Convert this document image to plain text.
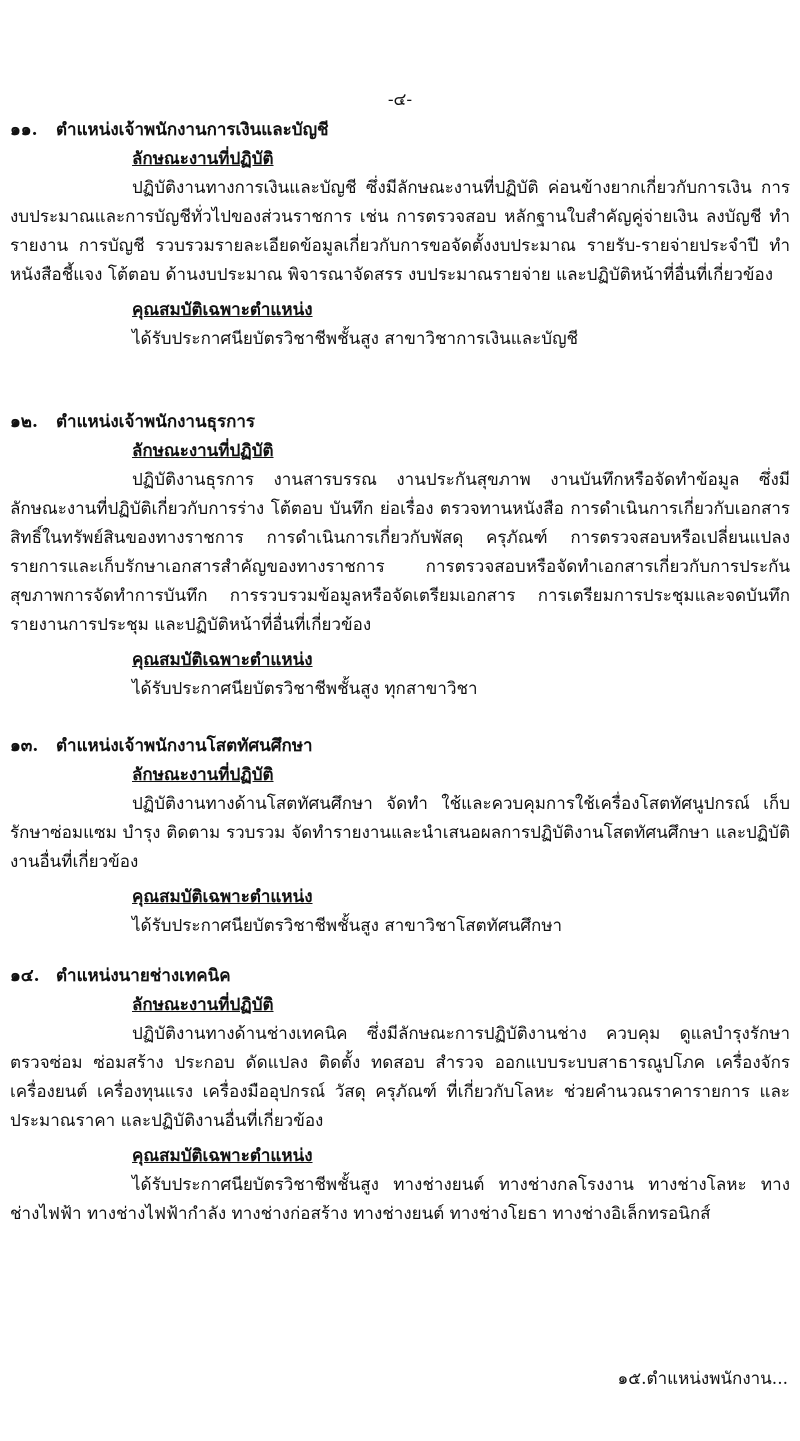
-๔-
๑๑.	ตำแหน่งเจ้าพนักงานการเงินและบัญชี
ลักษณะงานที่ปฏิบัติ

ปฏิบัติงานทางการเงินและบัญชี ซึ่งมีลักษณะงานที่ปฏิบัติ ค่อนข้างยากเกี่ยวกับการเงิน การงบประมาณและการบัญชีทั่วไปของส่วนราชการ เช่น การตรวจสอบ หลักฐานใบสำคัญคู่จ่ายเงิน ลงบัญชี ทำรายงาน การบัญชี รวบรวมรายละเอียดข้อมูลเกี่ยวกับการขอจัดตั้งงบประมาณ รายรับ-รายจ่ายประจำปี ทำหนังสือชี้แจง โต้ตอบ ด้านงบประมาณ พิจารณาจัดสรร งบประมาณรายจ่าย และปฏิบัติหน้าที่อื่นที่เกี่ยวข้อง

คุณสมบัติเฉพาะตำแหน่ง
ได้รับประกาศนียบัตรวิชาชีพชั้นสูง สาขาวิชาการเงินและบัญชี
๑๒.	ตำแหน่งเจ้าพนักงานธุรการ
ลักษณะงานที่ปฏิบัติ

ปฏิบัติงานธุรการ งานสารบรรณ งานประกันสุขภาพ งานบันทึกหรือจัดทำข้อมูล ซึ่งมีลักษณะงานที่ปฏิบัติเกี่ยวกับการร่าง โต้ตอบ บันทึก ย่อเรื่อง ตรวจทานหนังสือ การดำเนินการเกี่ยวกับเอกสารสิทธิ์ในทรัพย์สินของทางราชการ การดำเนินการเกี่ยวกับพัสดุ ครุภัณฑ์ การตรวจสอบหรือเปลี่ยนแปลงรายการและเก็บรักษาเอกสารสำคัญของทางราชการ การตรวจสอบหรือจัดทำเอกสารเกี่ยวกับการประกันสุขภาพการจัดทำการบันทึก การรวบรวมข้อมูลหรือจัดเตรียมเอกสาร การเตรียมการประชุมและจดบันทึกรายงานการประชุม และปฏิบัติหน้าที่อื่นที่เกี่ยวข้อง

คุณสมบัติเฉพาะตำแหน่ง
ได้รับประกาศนียบัตรวิชาชีพชั้นสูง ทุกสาขาวิชา
๑๓.	ตำแหน่งเจ้าพนักงานโสตทัศนศึกษา
ลักษณะงานที่ปฏิบัติ

ปฏิบัติงานทางด้านโสตทัศนศึกษา จัดทำ ใช้และควบคุมการใช้เครื่องโสตทัศนูปกรณ์ เก็บรักษาซ่อมแซม บำรุง ติดตาม รวบรวม จัดทำรายงานและนำเสนอผลการปฏิบัติงานโสตทัศนศึกษา และปฏิบัติงานอื่นที่เกี่ยวข้อง

คุณสมบัติเฉพาะตำแหน่ง
ได้รับประกาศนียบัตรวิชาชีพชั้นสูง สาขาวิชาโสตทัศนศึกษา
๑๔. ตำแหน่งนายช่างเทคนิค
ลักษณะงานที่ปฏิบัติ

ปฏิบัติงานทางด้านช่างเทคนิค ซึ่งมีลักษณะการปฏิบัติงานช่าง ควบคุม ดูแลบำรุงรักษา ตรวจซ่อม ซ่อมสร้าง ประกอบ ดัดแปลง ติดตั้ง ทดสอบ สำรวจ ออกแบบระบบสาธารณูปโภค เครื่องจักรเครื่องยนต์ เครื่องทุนแรง เครื่องมืออุปกรณ์ วัสดุ ครุภัณฑ์ ที่เกี่ยวกับโลหะ ช่วยคำนวณราคารายการ และประมาณราคา และปฏิบัติงานอื่นที่เกี่ยวข้อง

คุณสมบัติเฉพาะตำแหน่ง

ได้รับประกาศนียบัตรวิชาชีพชั้นสูง ทางช่างยนต์ ทางช่างกลโรงงาน ทางช่างโลหะ ทางช่างไฟฟ้า ทางช่างไฟฟ้ากำลัง ทางช่างก่อสร้าง ทางช่างยนต์ ทางช่างโยธา ทางช่างอิเล็กทรอนิกส์

๑๕.ตำแหน่งพนักงาน...
